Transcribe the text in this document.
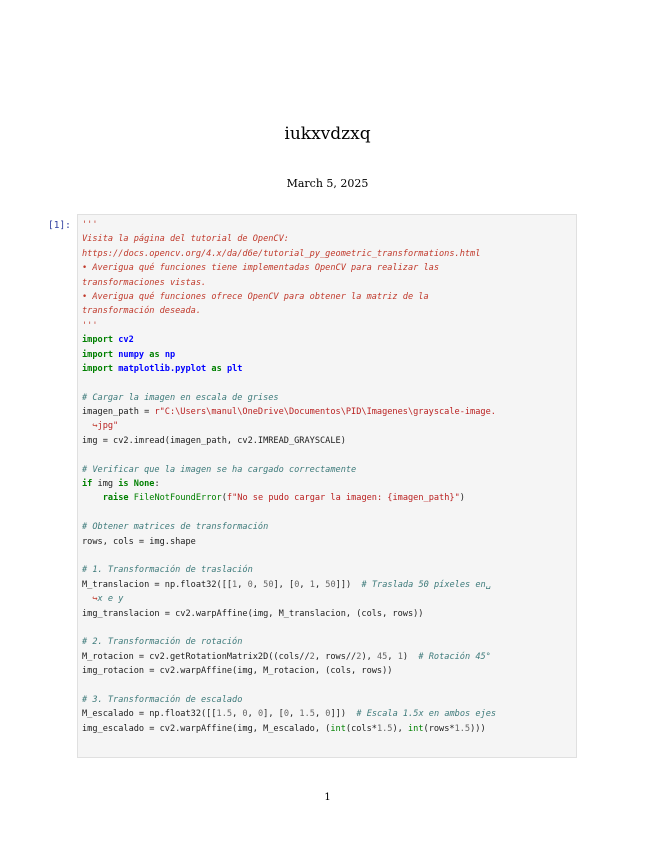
iukxvdzxq
March 5, 2025
[1]: '''
Visita la página del tutorial de OpenCV:
https://docs.opencv.org/4.x/da/d6e/tutorial_py_geometric_transformations.html
• Averigua qué funciones tiene implementadas OpenCV para realizar las
transformaciones vistas.
• Averigua qué funciones ofrece OpenCV para obtener la matriz de la
transformación deseada.
'''
import cv2
import numpy as np
import matplotlib.pyplot as plt

# Cargar la imagen en escala de grises
imagen_path = r"C:\Users\manul\OneDrive\Documentos\PID\Imagenes\grayscale-image.
↪jpg"
img = cv2.imread(imagen_path, cv2.IMREAD_GRAYSCALE)

# Verificar que la imagen se ha cargado correctamente
if img is None:
raise FileNotFoundError(f"No se pudo cargar la imagen: {imagen_path}")

# Obtener matrices de transformación
rows, cols = img.shape

# 1. Transformación de traslación
M_translacion = np.float32([[1, 0, 50], [0, 1, 50]])  # Traslada 50 píxeles en␣
↪x e y
img_translacion = cv2.warpAffine(img, M_translacion, (cols, rows))

# 2. Transformación de rotación
M_rotacion = cv2.getRotationMatrix2D((cols//2, rows//2), 45, 1)  # Rotación 45°
img_rotacion = cv2.warpAffine(img, M_rotacion, (cols, rows))

# 3. Transformación de escalado
M_escalado = np.float32([[1.5, 0, 0], [0, 1.5, 0]])  # Escala 1.5x en ambos ejes
img_escalado = cv2.warpAffine(img, M_escalado, (int(cols*1.5), int(rows*1.5)))
1
